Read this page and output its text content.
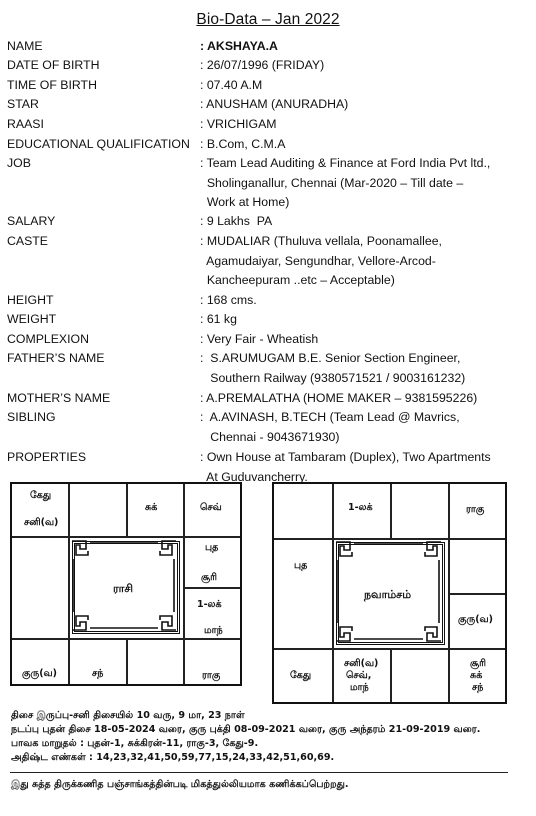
Bio-Data – Jan 2022
NAME	: AKSHAYA.A
DATE OF BIRTH	: 26/07/1996 (FRIDAY)
TIME OF BIRTH	: 07.40 A.M
STAR	: ANUSHAM (ANURADHA)
RAASI	: VRICHIGAM
EDUCATIONAL QUALIFICATION : B.Com, C.M.A
JOB	: Team Lead Auditing & Finance at Ford India Pvt ltd.,
Sholinganallur, Chennai (Mar-2020 – Till date –
Work at Home)
SALARY	: 9 Lakhs  PA
CASTE	: MUDALIAR (Thuluva vellala, Poonamallee,
Agamudaiyar, Sengundhar, Vellore-Arcod-
Kancheepuram ..etc – Acceptable)
HEIGHT	: 168 cms.
WEIGHT	: 61 kg
COMPLEXION	: Very Fair - Wheatish
FATHER’S NAME	:  S.ARUMUGAM B.E. Senior Section Engineer,
Southern Railway (9380571521 / 9003161232)
MOTHER’S NAME	: A.PREMALATHA (HOME MAKER – 9381595226)
SIBLING	:  A.AVINASH, B.TECH (Team Lead @ Mavrics,
Chennai - 9043671930)
PROPERTIES	: Own House at Tambaram (Duplex), Two Apartments
At Guduvancherry.
ராசி
கேது
சனி(வ)
சுக்	செவ்
புத
சூரி
1-லக்
மாந்
குரு(வ)	சந்	ராகு
நவாம்சம்
1-லக்	ராகு
புத
குரு(வ)
கேது
சனி(வ)
செவ்,
மாந்
சூரி
சுக்
சந்
திசை இருப்பு-சனி திசையில் 10 வரு, 9 மா, 23 நாள்
நடப்பு புதன் திசை 18-05-2024 வரை, குரு புக்தி 08-09-2021 வரை, குரு அந்தரம் 21-09-2019 வரை.
பாவக மாறுதல் : புதன்-1, சுக்கிரன்-11, ராகு-3, கேது-9.
அதிஷ்ட எண்கள் : 14,23,32,41,50,59,77,15,24,33,42,51,60,69.
இது சுத்த திருக்கணித பஞ்சாங்கத்தின்படி மிகத்துல்லியமாக கணிக்கப்பெற்றது.
